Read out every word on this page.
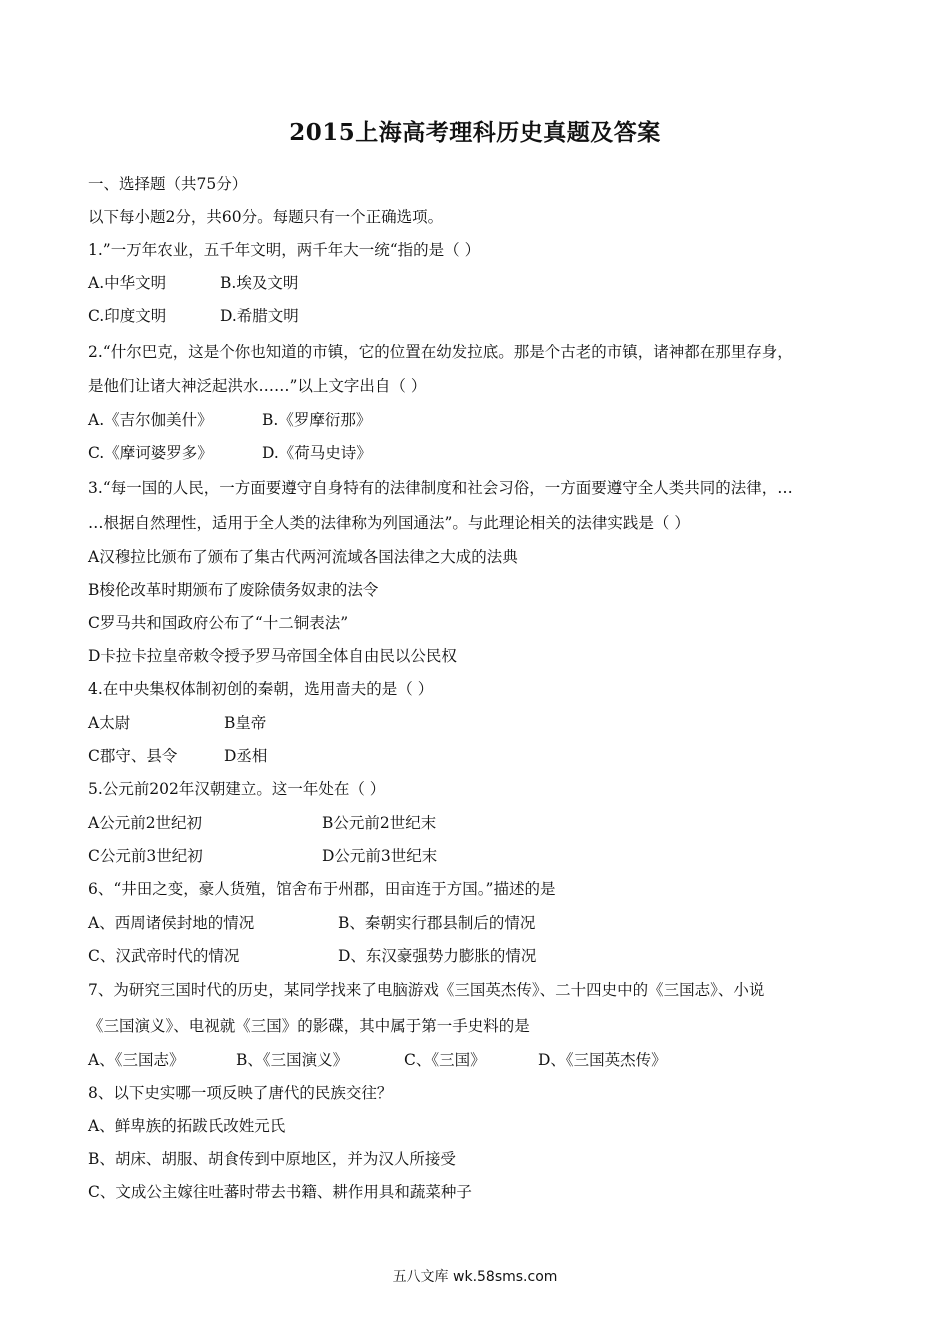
2015上海高考理科历史真题及答案
一、选择题（共75分）
以下每小题2分，共60分。每题只有一个正确选项。
1.”一万年农业，五千年文明，两千年大一统“指的是（ ）
A.中华文明	B.埃及文明
C.印度文明	D.希腊文明
2.“什尔巴克，这是个你也知道的市镇，它的位置在幼发拉底。那是个古老的市镇，诸神都在那里存身，
是他们让诸大神泛起洪水……”以上文字出自（ ）
A.《吉尔伽美什》	B.《罗摩衍那》
C.《摩诃婆罗多》	D.《荷马史诗》
3.“每一国的人民，一方面要遵守自身特有的法律制度和社会习俗，一方面要遵守全人类共同的法律，…
…根据自然理性，适用于全人类的法律称为列国通法”。与此理论相关的法律实践是（ ）
A汉穆拉比颁布了颁布了集古代两河流域各国法律之大成的法典
B梭伦改革时期颁布了废除债务奴隶的法令
C罗马共和国政府公布了“十二铜表法”
D卡拉卡拉皇帝敕令授予罗马帝国全体自由民以公民权
4.在中央集权体制初创的秦朝，选用啬夫的是（ ）
A太尉	B皇帝
C郡守、县令	D丞相
5.公元前202年汉朝建立。这一年处在（ ）
A公元前2世纪初	B公元前2世纪末
C公元前3世纪初	D公元前3世纪末
6、“井田之变，豪人货殖，馆舍布于州郡，田亩连于方国。”描述的是
A、西周诸侯封地的情况	B、秦朝实行郡县制后的情况
C、汉武帝时代的情况	D、东汉豪强势力膨胀的情况
7、为研究三国时代的历史，某同学找来了电脑游戏《三国英杰传》、二十四史中的《三国志》、小说
《三国演义》、电视就《三国》的影碟，其中属于第一手史料的是
A、《三国志》	B、《三国演义》	C、《三国》	D、《三国英杰传》
8、以下史实哪一项反映了唐代的民族交往？
A、鲜卑族的拓跋氏改姓元氏
B、胡床、胡服、胡食传到中原地区，并为汉人所接受
C、文成公主嫁往吐蕃时带去书籍、耕作用具和蔬菜种子
五八文库 wk.58sms.com
